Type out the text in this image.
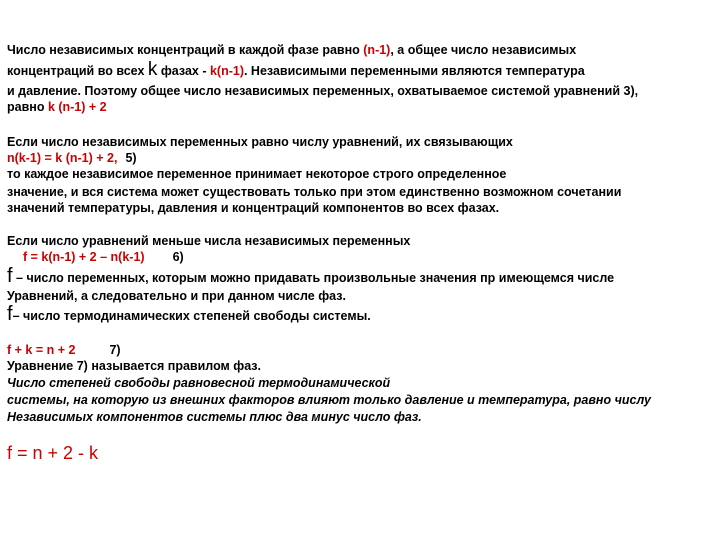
Число независимых концентраций в каждой фазе равно (n-1), а общее число независимых
концентраций во всех k фазах - k(n-1). Независимыми переменными являются температура
и давление. Поэтому общее число независимых переменных, охватываемое системой уравнений 3),
равно k (n-1) + 2
Если число независимых переменных равно числу уравнений, их связывающих
n(k-1) = k (n-1) + 2, 5)
то каждое независимое переменное принимает некоторое строго определенное
значение, и вся система может существовать только при этом единственно возможном сочетании
значений температуры, давления и концентраций компонентов во всех фазах.
Если число уравнений меньше числа независимых переменных
f = k(n-1) + 2 – n(k-1) 6)
f – число переменных, которым можно придавать произвольные значения пр имеющемся числе
Уравнений, а следовательно и при данном числе фаз.
f– число термодинамических степеней свободы системы.
f + k = n + 2	7)
Уравнение 7) называется правилом фаз.
Число степеней свободы равновесной термодинамической
системы, на которую из внешних факторов влияют только давление и температура, равно числу
Независимых компонентов системы плюс два минус число фаз.
f = n + 2 - k
